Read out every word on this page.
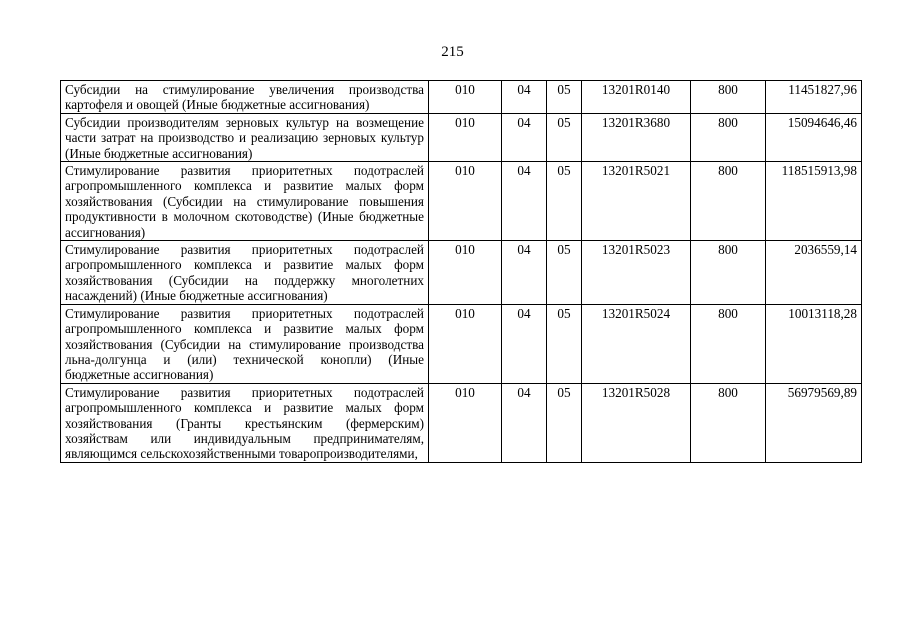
215
Субсидии на стимулирование увеличения производства картофеля и овощей (Иные бюджетные ассигнования)	010	04	05	13201R0140	800	11451827,96
Субсидии производителям зерновых культур на возмещение части затрат на производство и реализацию зерновых культур (Иные бюджетные ассигнования)	010	04	05	13201R3680	800	15094646,46
Стимулирование развития приоритетных подотраслей агропромышленного комплекса и развитие малых форм хозяйствования (Субсидии на стимулирование повышения продуктивности в молочном скотоводстве) (Иные бюджетные ассигнования)	010	04	05	13201R5021	800	118515913,98
Стимулирование развития приоритетных подотраслей агропромышленного комплекса и развитие малых форм хозяйствования (Субсидии на поддержку многолетних насаждений) (Иные бюджетные ассигнования)	010	04	05	13201R5023	800	2036559,14
Стимулирование развития приоритетных подотраслей агропромышленного комплекса и развитие малых форм хозяйствования (Субсидии на стимулирование производства льна-долгунца и (или) технической конопли) (Иные бюджетные ассигнования)	010	04	05	13201R5024	800	10013118,28
Стимулирование развития приоритетных подотраслей агропромышленного комплекса и развитие малых форм хозяйствования (Гранты крестьянским (фермерским) хозяйствам или индивидуальным предпринимателям, являющимся сельскохозяйственными товаропроизводителями,	010	04	05	13201R5028	800	56979569,89
